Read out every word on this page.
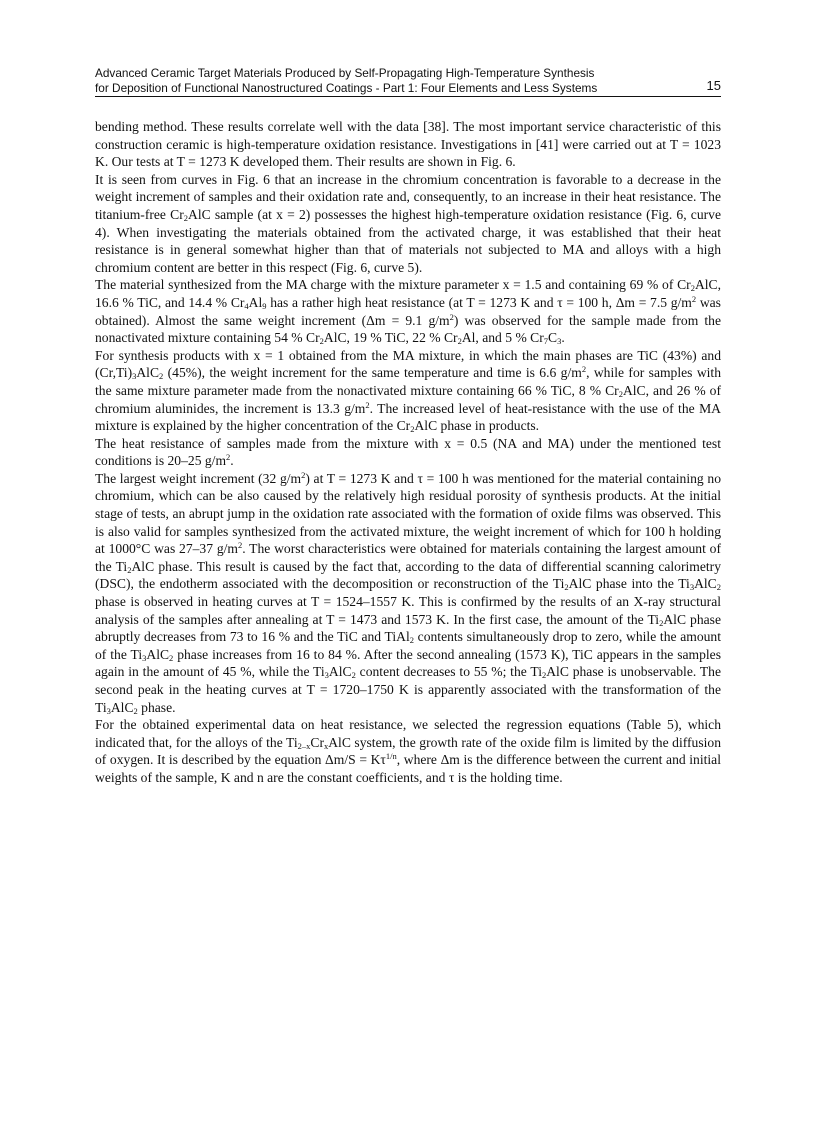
Advanced Ceramic Target Materials Produced by Self-Propagating High-Temperature Synthesis
for Deposition of Functional Nanostructured Coatings - Part 1: Four Elements and Less Systems	15

bending method. These results correlate well with the data [38]. The most important service characteristic of this construction ceramic is high-temperature oxidation resistance. Investigations in [41] were carried out at T = 1023 K. Our tests at T = 1273 K developed them. Their results are shown in Fig. 6.

It is seen from curves in Fig. 6 that an increase in the chromium concentration is favorable to a decrease in the weight increment of samples and their oxidation rate and, consequently, to an increase in their heat resistance. The titanium-free $Cr_2AlC$ sample (at x = 2) possesses the highest high-temperature oxidation resistance (Fig. 6, curve 4). When investigating the materials obtained from the activated charge, it was established that their heat resistance is in general somewhat higher than that of materials not subjected to MA and alloys with a high chromium content are better in this respect (Fig. 6, curve 5).

The material synthesized from the MA charge with the mixture parameter x = 1.5 and containing 69 % of $Cr_2AlC$, 16.6 % TiC, and 14.4 % $Cr_4Al_9$ has a rather high heat resistance (at T = 1273 K and τ = 100 h, Δm = 7.5 $g/m^2$ was obtained). Almost the same weight increment (Δm = 9.1 $g/m^2$) was observed for the sample made from the nonactivated mixture containing 54 % $Cr_2AlC$, 19 % TiC, 22 % $Cr_2Al$, and 5 % $Cr_7C_3$.

For synthesis products with x = 1 obtained from the MA mixture, in which the main phases are TiC (43%) and $(Cr,Ti)_3AlC_2$ (45%), the weight increment for the same temperature and time is 6.6 $g/m^2$, while for samples with the same mixture parameter made from the nonactivated mixture containing 66 % TiC, 8 % $Cr_2AlC$, and 26 % of chromium aluminides, the increment is 13.3 $g/m^2$. The increased level of heat-resistance with the use of the MA mixture is explained by the higher concentration of the $Cr_2AlC$ phase in products.

The heat resistance of samples made from the mixture with x = 0.5 (NA and MA) under the mentioned test conditions is 20–25 $g/m^2$.

The largest weight increment (32 $g/m^2$) at T = 1273 K and τ = 100 h was mentioned for the material containing no chromium, which can be also caused by the relatively high residual porosity of synthesis products. At the initial stage of tests, an abrupt jump in the oxidation rate associated with the formation of oxide films was observed. This is also valid for samples synthesized from the activated mixture, the weight increment of which for 100 h holding at 1000°C was 27–37 $g/m^2$. The worst characteristics were obtained for materials containing the largest amount of the $Ti_2AlC$ phase. This result is caused by the fact that, according to the data of differential scanning calorimetry (DSC), the endotherm associated with the decomposition or reconstruction of the $Ti_2AlC$ phase into the $Ti_3AlC_2$ phase is observed in heating curves at T = 1524–1557 K. This is confirmed by the results of an X-ray structural analysis of the samples after annealing at T = 1473 and 1573 K. In the first case, the amount of the $Ti_2AlC$ phase abruptly decreases from 73 to 16 % and the TiC and TiAl$_2$ contents simultaneously drop to zero, while the amount of the $Ti_3AlC_2$ phase increases from 16 to 84 %. After the second annealing (1573 K), TiC appears in the samples again in the amount of 45 %, while the $Ti_3AlC_2$ content decreases to 55 %; the $Ti_2AlC$ phase is unobservable. The second peak in the heating curves at T = 1720–1750 K is apparently associated with the transformation of the $Ti_3AlC_2$ phase.

For the obtained experimental data on heat resistance, we selected the regression equations (Table 5), which indicated that, for the alloys of the $Ti_{2-x}Cr_xAlC$ system, the growth rate of the oxide film is limited by the diffusion of oxygen. It is described by the equation $\Delta m/S = K\tau^{1/n}$, where Δm is the difference between the current and initial weights of the sample, K and n are the constant coefficients, and τ is the holding time.
